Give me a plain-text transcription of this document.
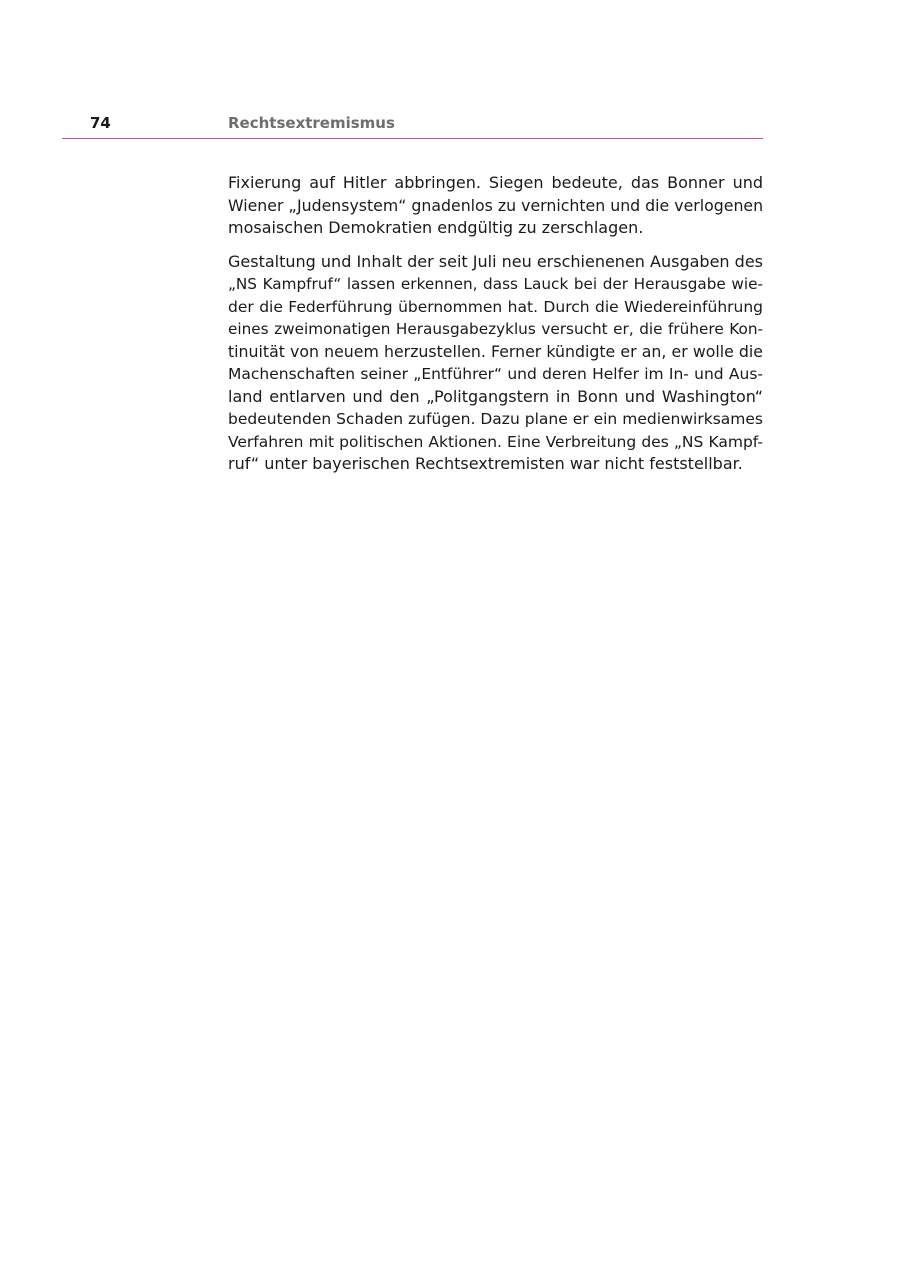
74	Rechtsextremismus

Fixierung auf Hitler abbringen. Siegen bedeute, das Bonner und
Wiener „Judensystem“ gnadenlos zu vernichten und die verlogenen
mosaischen Demokratien endgültig zu zerschlagen.

Gestaltung und Inhalt der seit Juli neu erschienenen Ausgaben des
„NS Kampfruf“ lassen erkennen, dass Lauck bei der Herausgabe wie-
der die Federführung übernommen hat. Durch die Wiedereinführung
eines zweimonatigen Herausgabezyklus versucht er, die frühere Kon-
tinuität von neuem herzustellen. Ferner kündigte er an, er wolle die
Machenschaften seiner „Entführer“ und deren Helfer im In- und Aus-
land entlarven und den „Politgangstern in Bonn und Washington“
bedeutenden Schaden zufügen. Dazu plane er ein medienwirksames
Verfahren mit politischen Aktionen. Eine Verbreitung des „NS Kampf-
ruf“ unter bayerischen Rechtsextremisten war nicht feststellbar.
